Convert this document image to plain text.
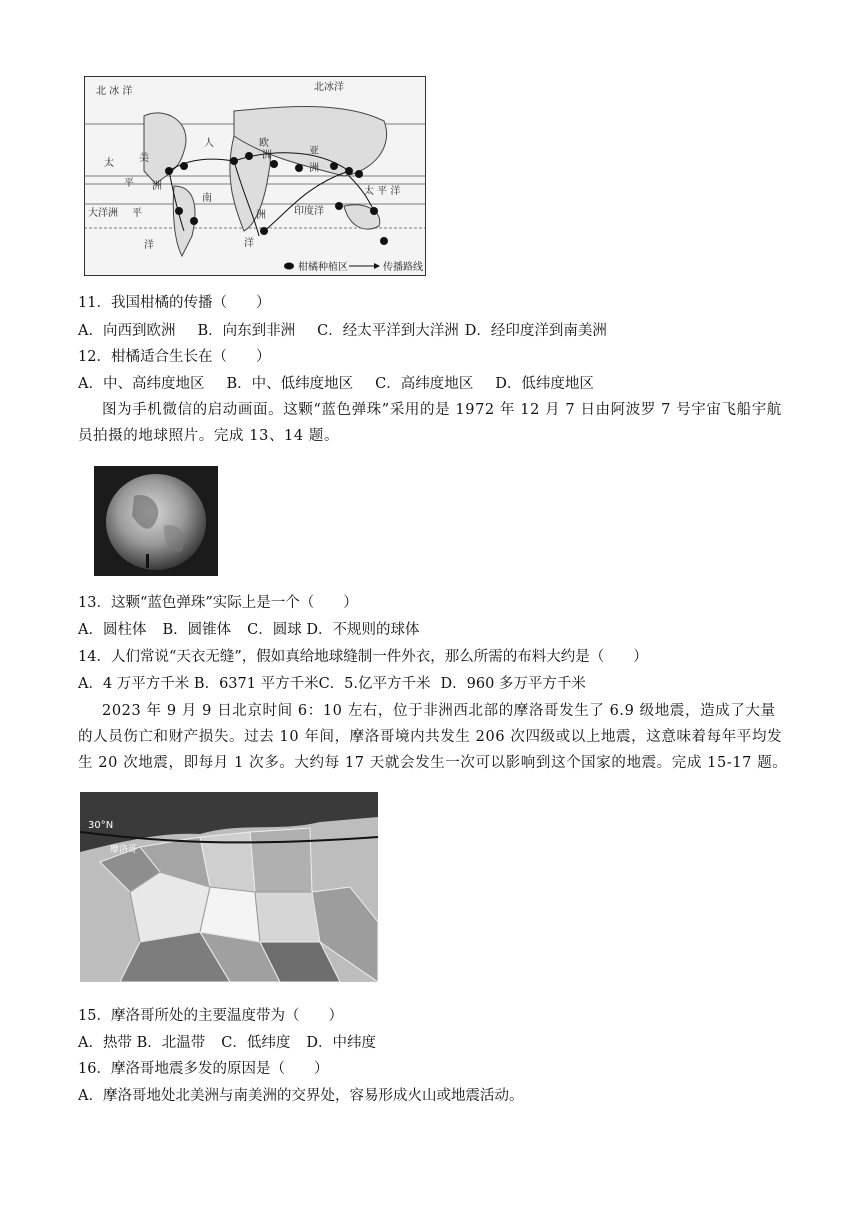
北 冰 洋	北冰洋
太
平
洋
美
洲
人	欧
洲	亚
洲
南
洲
大洋洲 平
洋
印度洋
太 平 洋
柑橘种植区	传播路线
11．我国柑橘的传播（　　）
A．向西到欧洲 B．向东到非洲 C．经太平洋到大洋洲 D．经印度洋到南美洲
12．柑橘适合生长在（　　）
A．中、高纬度地区 B．中、低纬度地区 C．高纬度地区 D．低纬度地区
图为手机微信的启动画面。这颗“蓝色弹珠”采用的是 1972 年 12 月 7 日由阿波罗 7 号宇宙飞船宇航员拍摄的地球照片。完成 13、14 题。
13．这颗“蓝色弹珠”实际上是一个（　　）
A．圆柱体 B．圆锥体 C．圆球 D．不规则的球体
14．人们常说“天衣无缝”，假如真给地球缝制一件外衣，那么所需的布料大约是（　　）
A．4 万平方千米 B．6371 平方千米C．5.亿平方千米 D．960 多万平方千米
2023 年 9 月 9 日北京时间 6：10 左右，位于非洲西北部的摩洛哥发生了 6.9 级地震，造成了大量的人员伤亡和财产损失。过去 10 年间，摩洛哥境内共发生 206 次四级或以上地震，这意味着每年平均发生 20 次地震，即每月 1 次多。大约每 17 天就会发生一次可以影响到这个国家的地震。完成 15-17 题。
30°N
摩洛哥
15．摩洛哥所处的主要温度带为（　　）
A．热带 B．北温带 C．低纬度 D．中纬度
16．摩洛哥地震多发的原因是（　　）
A．摩洛哥地处北美洲与南美洲的交界处，容易形成火山或地震活动。
